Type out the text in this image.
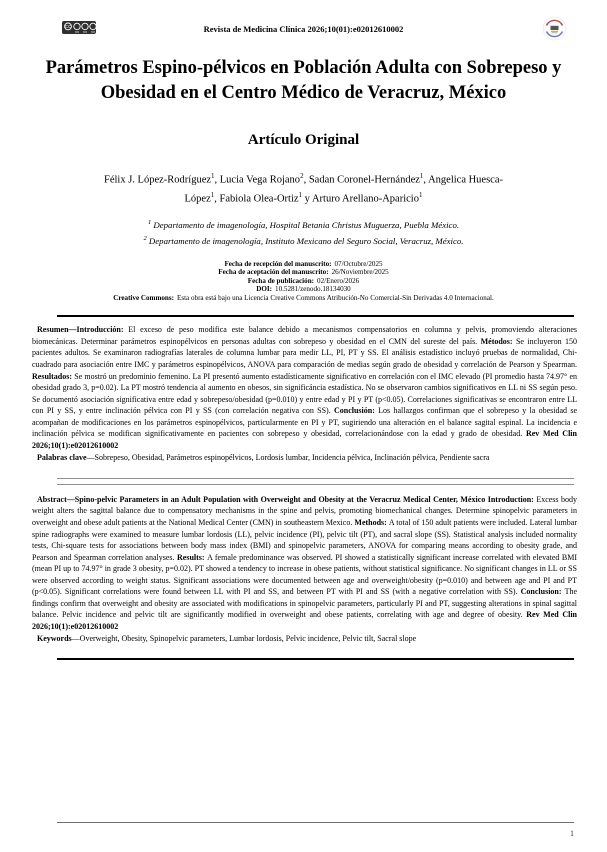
CC	Revista de Medicina Clínica 2026;10(01):e02012610002
Parámetros Espino-pélvicos en Población Adulta con Sobrepeso y Obesidad en el Centro Médico de Veracruz, México
Artículo Original
Félix J. López-Rodríguez$^1$, Lucia Vega Rojano$^2$, Sadan Coronel-Hernández$^1$, Angelica Huesca-López$^1$, Fabiola Olea-Ortiz$^1$ y Arturo Arellano-Aparicio$^1$
$^1$ Departamento de imagenología, Hospital Betania Christus Muguerza, Puebla México.
$^2$ Departamento de imagenología, Instituto Mexicano del Seguro Social, Veracruz, México.
Fecha de recepción del manuscrito: 07/Octubre/2025
Fecha de aceptación del manuscrito: 26/Noviembre/2025
Fecha de publicación: 02/Enero/2026
DOI: 10.5281/zenodo.18134030
Creative Commons: Esta obra está bajo una Licencia Creative Commons Atribución-No Comercial-Sin Derivadas 4.0 Internacional.

Resumen—Introducción: El exceso de peso modifica este balance debido a mecanismos compensatorios en columna y pelvis, promoviendo alteraciones biomecánicas. Determinar parámetros espinopélvicos en personas adultas con sobrepeso y obesidad en el CMN del sureste del país. Métodos: Se incluyeron 150 pacientes adultos. Se examinaron radiografías laterales de columna lumbar para medir LL, PI, PT y SS. El análisis estadístico incluyó pruebas de normalidad, Chi-cuadrado para asociación entre IMC y parámetros espinopélvicos, ANOVA para comparación de medias según grado de obesidad y correlación de Pearson y Spearman. Resultados: Se mostró un predominio femenino. La PI presentó aumento estadísticamente significativo en correlación con el IMC elevado (PI promedio hasta 74.97° en obesidad grado 3, p=0.02). La PT mostró tendencia al aumento en obesos, sin significáncia estadística. No se observaron cambios significativos en LL ni SS según peso. Se documentó asociación significativa entre edad y sobrepeso/obesidad (p=0.010) y entre edad y PI y PT (p<0.05). Correlaciones significativas se encontraron entre LL con PI y SS, y entre inclinación pélvica con PI y SS (con correlación negativa con SS). Conclusión: Los hallazgos confirman que el sobrepeso y la obesidad se acompañan de modificaciones en los parámetros espinopélvicos, particularmente en PI y PT, sugiriendo una alteración en el balance sagital espinal. La incidencia e inclinación pélvica se modifican significativamente en pacientes con sobrepeso y obesidad, correlacionándose con la edad y grado de obesidad. Rev Med Clin 2026;10(1):e02012610002

Palabras clave—Sobrepeso, Obesidad, Parámetros espinopélvicos, Lordosis lumbar, Incidencia pélvica, Inclinación pélvica, Pendiente sacra

Abstract—Spino-pelvic Parameters in an Adult Population with Overweight and Obesity at the Veracruz Medical Center, México Introduction: Excess body weight alters the sagittal balance due to compensatory mechanisms in the spine and pelvis, promoting biomechanical changes. Determine spinopelvic parameters in overweight and obese adult patients at the National Medical Center (CMN) in southeastern Mexico. Methods: A total of 150 adult patients were included. Lateral lumbar spine radiographs were examined to measure lumbar lordosis (LL), pelvic incidence (PI), pelvic tilt (PT), and sacral slope (SS). Statistical analysis included normality tests, Chi-square tests for associations between body mass index (BMI) and spinopelvic parameters, ANOVA for comparing means according to obesity grade, and Pearson and Spearman correlation analyses. Results: A female predominance was observed. PI showed a statistically significant increase correlated with elevated BMI (mean PI up to 74.97° in grade 3 obesity, p=0.02). PT showed a tendency to increase in obese patients, without statistical significance. No significant changes in LL or SS were observed according to weight status. Significant associations were documented between age and overweight/obesity (p=0.010) and between age and PI and PT (p<0.05). Significant correlations were found between LL with PI and SS, and between PT with PI and SS (with a negative correlation with SS). Conclusion: The findings confirm that overweight and obesity are associated with modifications in spinopelvic parameters, particularly PI and PT, suggesting alterations in spinal sagittal balance. Pelvic incidence and pelvic tilt are significantly modified in overweight and obese patients, correlating with age and degree of obesity. Rev Med Clin 2026;10(1):e02012610002

Keywords—Overweight, Obesity, Spinopelvic parameters, Lumbar lordosis, Pelvic incidence, Pelvic tilt, Sacral slope

1
